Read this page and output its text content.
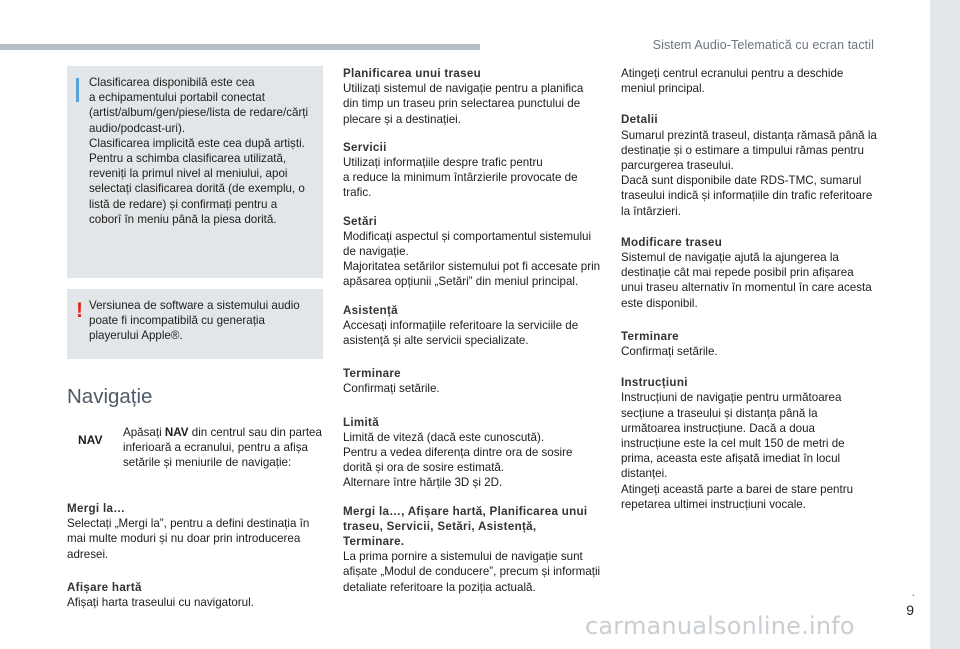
Sistem Audio-Telematică cu ecran tactil
.
9
Clasificarea disponibilă este cea
a echipamentului portabil conectat (artist/album/gen/piese/lista de redare/cărți audio/podcast-uri).
Clasificarea implicită este cea după artiști.
Pentru a schimba clasificarea utilizată, reveniți la primul nivel al meniului, apoi selectați clasificarea dorită (de exemplu, o listă de redare) și confirmați pentru a coborî în meniu până la piesa dorită.
! Versiunea de software a sistemului audio poate fi incompatibilă cu generația playerului Apple®.
Navigație
NAV
Apăsați NAV din centrul sau din partea inferioară a ecranului, pentru a afișa setările și meniurile de navigație:
Mergi la…
Selectați „Mergi la”, pentru a defini destinația în mai multe moduri și nu doar prin introducerea adresei.
Afișare hartă
Afișați harta traseului cu navigatorul.
Planificarea unui traseu
Utilizați sistemul de navigație pentru a planifica din timp un traseu prin selectarea punctului de plecare și a destinației.
Servicii
Utilizați informațiile despre trafic pentru
a reduce la minimum întârzierile provocate de trafic.
Setări
Modificați aspectul și comportamentul sistemului de navigație.
Majoritatea setărilor sistemului pot fi accesate prin apăsarea opțiunii „Setări” din meniul principal.
Asistență
Accesați informațiile referitoare la serviciile de asistență și alte servicii specializate.
Terminare
Confirmați setările.
Limită
Limită de viteză (dacă este cunoscută).
Pentru a vedea diferența dintre ora de sosire dorită și ora de sosire estimată.
Alternare între hărțile 3D și 2D.
Mergi la…, Afișare hartă, Planificarea unui traseu, Servicii, Setări, Asistență, Terminare.
La prima pornire a sistemului de navigație sunt afișate „Modul de conducere”, precum și informații detaliate referitoare la poziția actuală.
Atingeți centrul ecranului pentru a deschide meniul principal.
Detalii
Sumarul prezintă traseul, distanța rămasă până la destinație și o estimare a timpului rămas pentru parcurgerea traseului.
Dacă sunt disponibile date RDS-TMC, sumarul traseului indică și informațiile din trafic referitoare la întârzieri.
Modificare traseu
Sistemul de navigație ajută la ajungerea la destinație cât mai repede posibil prin afișarea unui traseu alternativ în momentul în care acesta este disponibil.
Terminare
Confirmați setările.
Instrucțiuni
Instrucțiuni de navigație pentru următoarea secțiune a traseului și distanța până la următoarea instrucțiune. Dacă a doua instrucțiune este la cel mult 150 de metri de prima, aceasta este afișată imediat în locul distanței.
Atingeți această parte a barei de stare pentru repetarea ultimei instrucțiuni vocale.
carmanualsonline.info
